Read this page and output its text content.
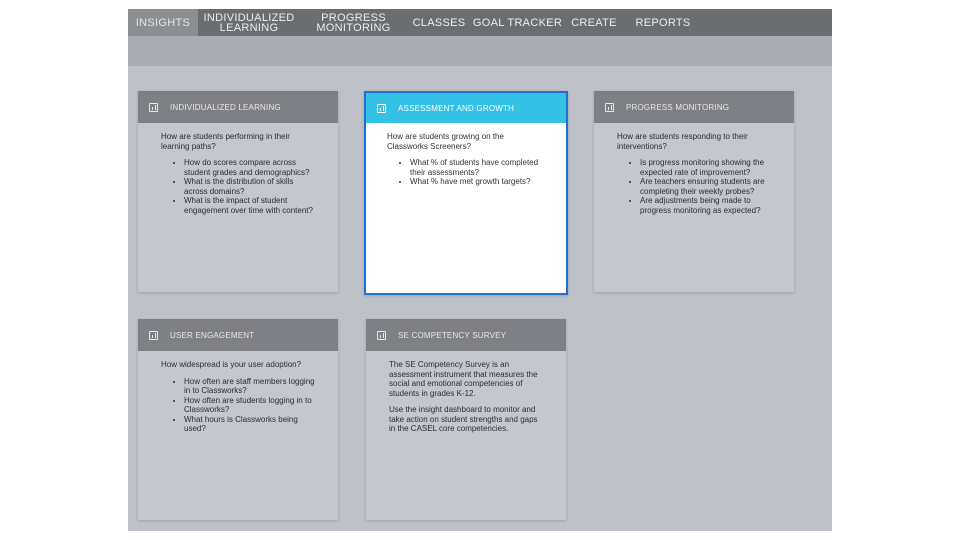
INSIGHTS	INDIVIDUALIZED
LEARNING
PROGRESS
MONITORING	CLASSES GOAL TRACKER CREATE	REPORTS
INDIVIDUALIZED LEARNING

How are students performing in their learning paths?

• How do scores compare across student grades and demographics?
• What is the distribution of skills across domains?
• What is the impact of student engagement over time with content?
ASSESSMENT AND GROWTH

How are students growing on the Classworks Screeners?

• What % of students have completed their assessments?
• What % have met growth targets?
PROGRESS MONITORING

How are students responding to their interventions?

• Is progress monitoring showing the expected rate of improvement?
• Are teachers ensuring students are completing their weekly probes?
• Are adjustments being made to progress monitoring as expected?
USER ENGAGEMENT

How widespread is your user adoption?

• How often are staff members logging in to Classworks?
• How often are students logging in to Classworks?
• What hours is Classworks being used?
SE COMPETENCY SURVEY

The SE Competency Survey is an assessment instrument that measures the social and emotional competencies of students in grades K-12.

Use the insight dashboard to monitor and take action on student strengths and gaps in the CASEL core competencies.
